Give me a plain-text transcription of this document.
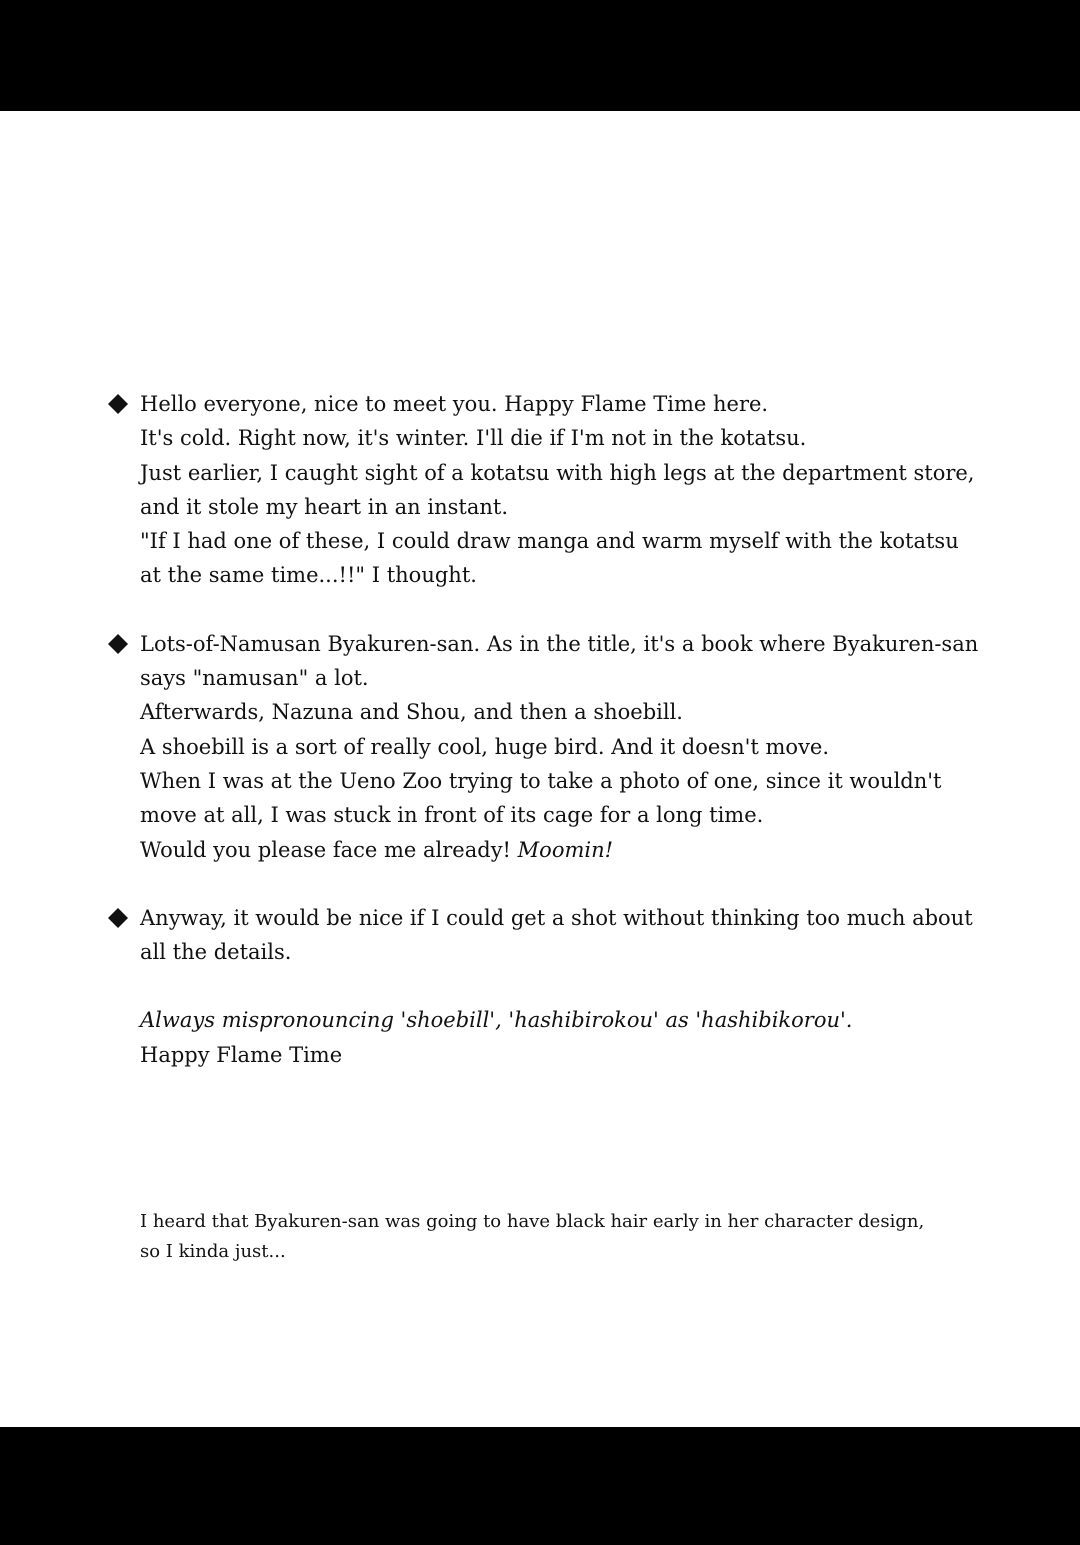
Hello everyone, nice to meet you. Happy Flame Time here.
It's cold. Right now, it's winter. I'll die if I'm not in the kotatsu.
Just earlier, I caught sight of a kotatsu with high legs at the department store,
and it stole my heart in an instant.
"If I had one of these, I could draw manga and warm myself with the kotatsu
at the same time...!!" I thought.
Lots-of-Namusan Byakuren-san. As in the title, it's a book where Byakuren-san
says "namusan" a lot.
Afterwards, Nazuna and Shou, and then a shoebill.
A shoebill is a sort of really cool, huge bird. And it doesn't move.
When I was at the Ueno Zoo trying to take a photo of one, since it wouldn't
move at all, I was stuck in front of its cage for a long time.
Would you please face me already! Moomin!
Anyway, it would be nice if I could get a shot without thinking too much about
all the details.
Always mispronouncing 'shoebill', 'hashibirokou' as 'hashibikorou'.
Happy Flame Time
I heard that Byakuren-san was going to have black hair early in her character design,
so I kinda just...
